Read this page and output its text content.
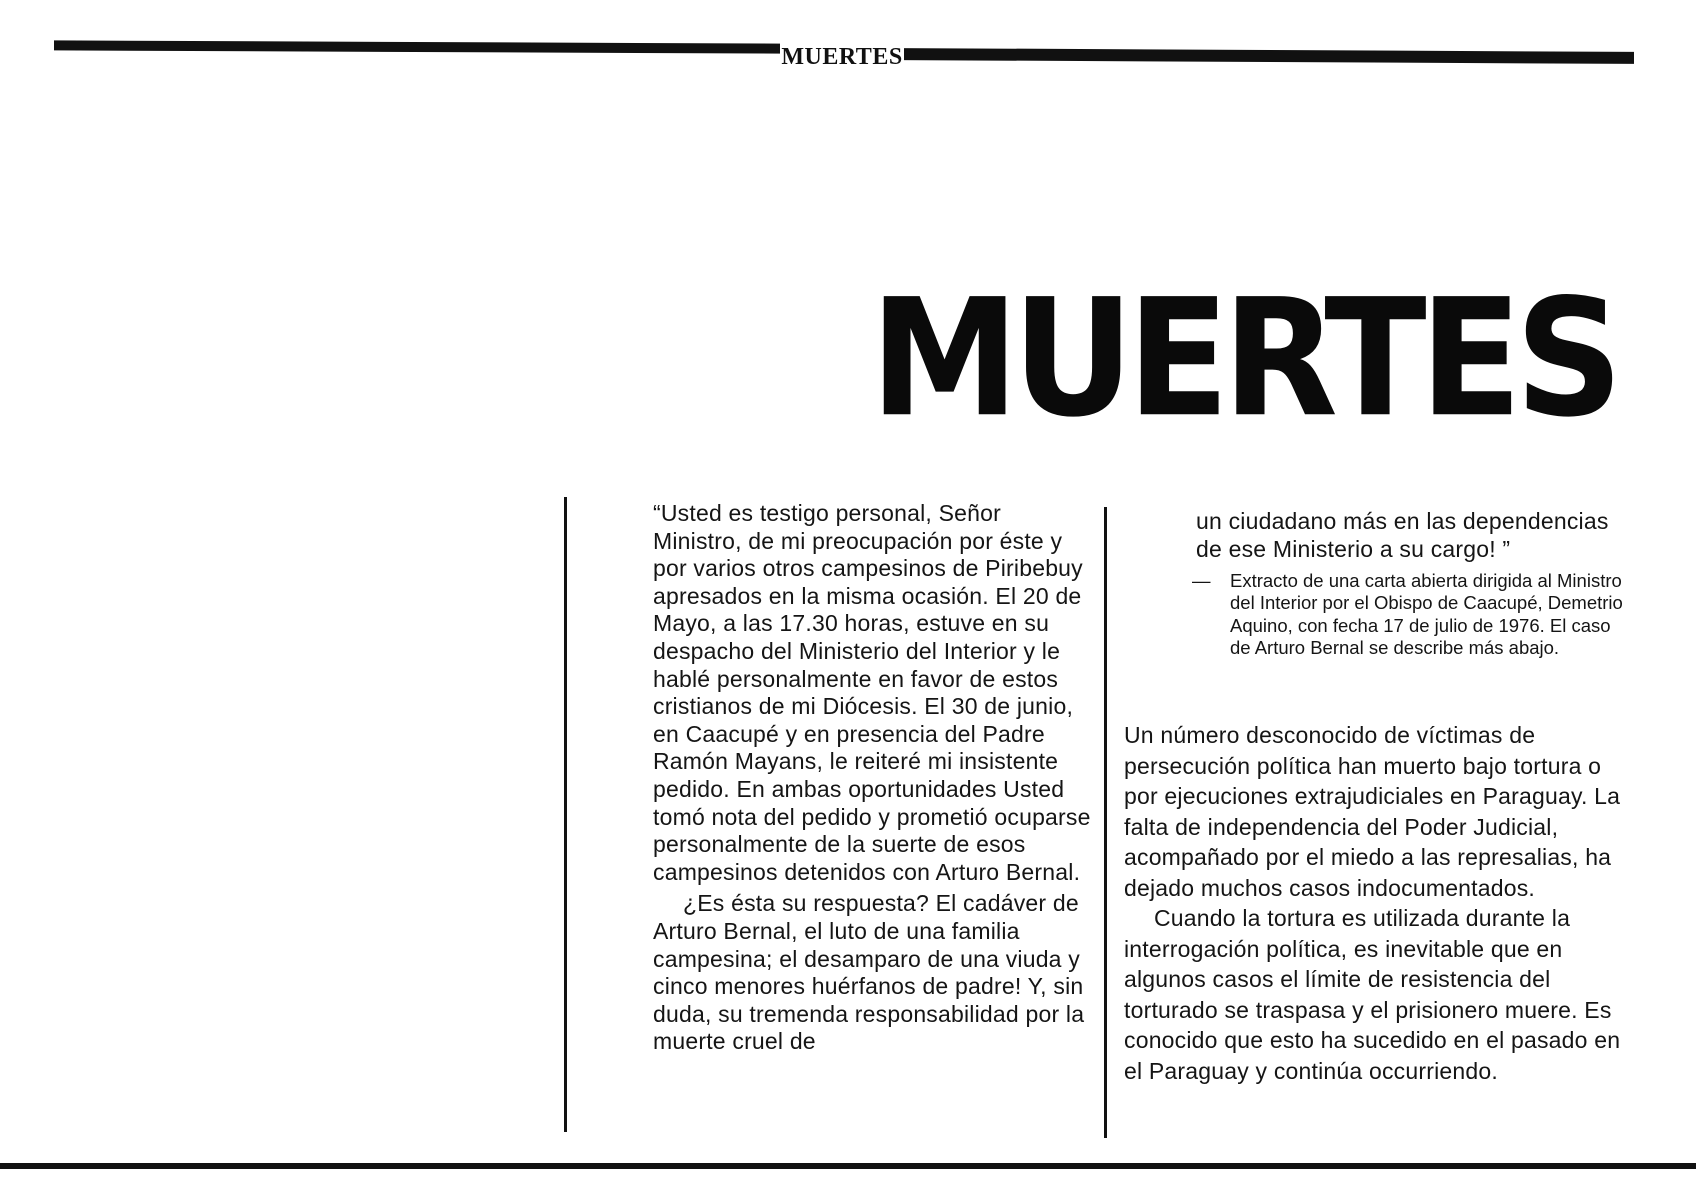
MUERTES
MUERTES

“Usted es testigo personal, Señor Ministro, de mi preocupación por éste y por varios otros campesinos de Piribebuy apresados en la misma ocasión. El 20 de Mayo, a las 17.30 horas, estuve en su despacho del Ministerio del Interior y le hablé personalmente en favor de estos cristianos de mi Diócesis. El 30 de junio, en Caacupé y en presencia del Padre Ramón Mayans, le reiteré mi insistente pedido. En ambas oportunidades Usted tomó nota del pedido y prometió ocuparse personalmente de la suerte de esos campesinos detenidos con Arturo Bernal.

¿Es ésta su respuesta? El cadáver de Arturo Bernal, el luto de una familia campesina; el desamparo de una viuda y cinco menores huérfanos de padre! Y, sin duda, su tremenda responsabilidad por la muerte cruel de

un ciudadano más en las dependencias de ese Ministerio a su cargo! ”
— Extracto de una carta abierta dirigida al Ministro del Interior por el Obispo de Caacupé, Demetrio Aquino, con fecha 17 de julio de 1976. El caso de Arturo Bernal se describe más abajo.

Un número desconocido de víctimas de persecución política han muerto bajo tortura o por ejecuciones extrajudiciales en Paraguay. La falta de independencia del Poder Judicial, acompañado por el miedo a las represalias, ha dejado muchos casos indocumentados.

Cuando la tortura es utilizada durante la interrogación política, es inevitable que en algunos casos el límite de resistencia del torturado se traspasa y el prisionero muere. Es conocido que esto ha sucedido en el pasado en el Paraguay y continúa occurriendo.
